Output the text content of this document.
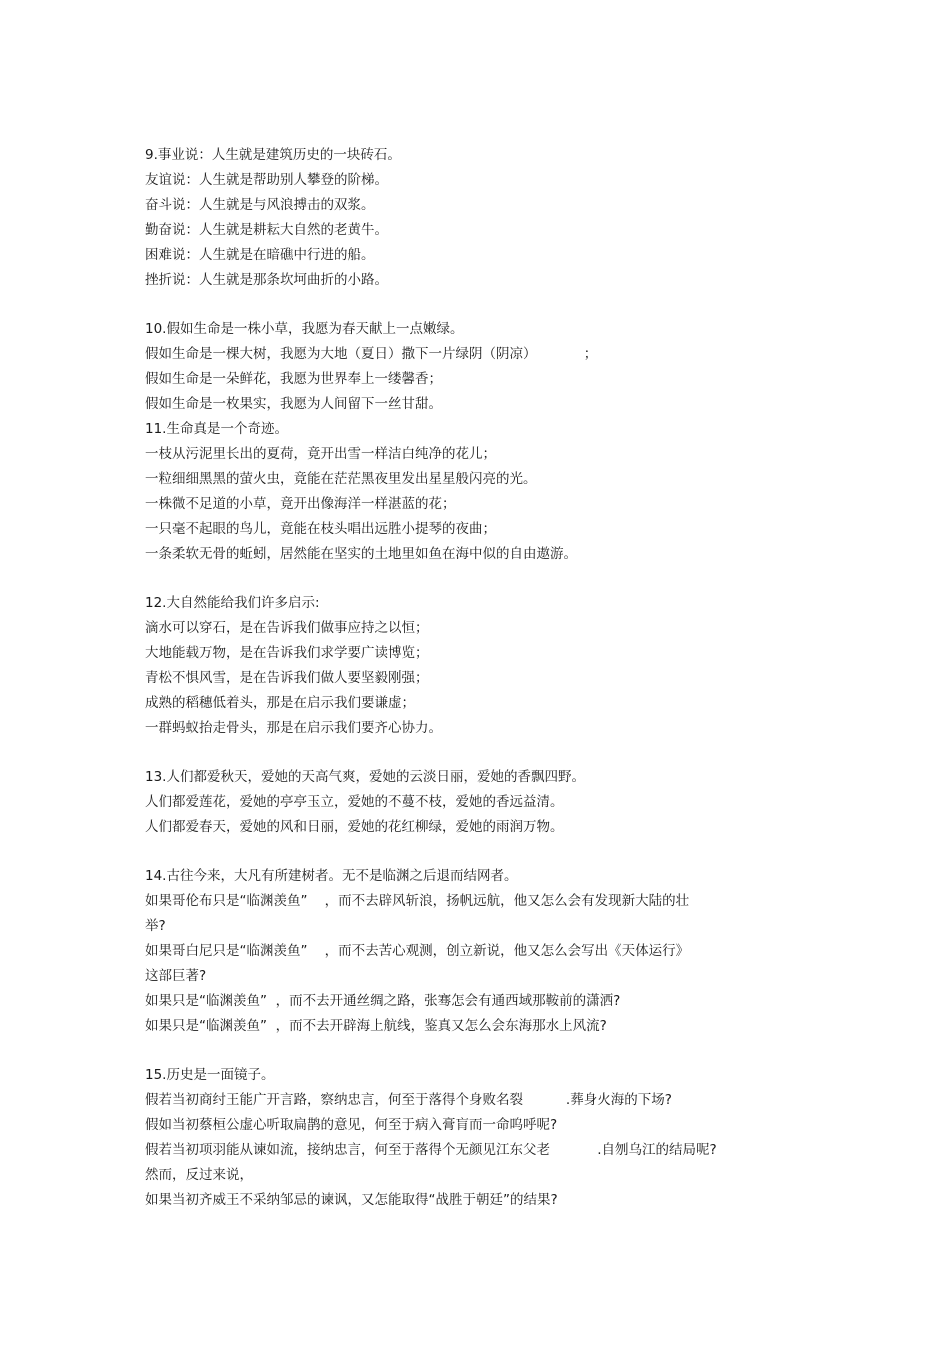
9.事业说：人生就是建筑历史的一块砖石。
友谊说：人生就是帮助别人攀登的阶梯。
奋斗说：人生就是与风浪搏击的双浆。
勤奋说：人生就是耕耘大自然的老黄牛。
困难说：人生就是在暗礁中行进的船。
挫折说：人生就是那条坎坷曲折的小路。
10.假如生命是一株小草，我愿为春天献上一点嫩绿。
假如生命是一棵大树，我愿为大地（夏日）撒下一片绿阴（阴凉）           ；
假如生命是一朵鲜花，我愿为世界奉上一缕馨香；
假如生命是一枚果实，我愿为人间留下一丝甘甜。
11.生命真是一个奇迹。
一枝从污泥里长出的夏荷，竟开出雪一样洁白纯净的花儿；
一粒细细黑黑的萤火虫，竟能在茫茫黑夜里发出星星般闪亮的光。
一株微不足道的小草，竟开出像海洋一样湛蓝的花；
一只毫不起眼的鸟儿，竟能在枝头唱出远胜小提琴的夜曲；
一条柔软无骨的蚯蚓，居然能在坚实的土地里如鱼在海中似的自由遨游。
12.大自然能给我们许多启示:
滴水可以穿石，是在告诉我们做事应持之以恒；
大地能载万物，是在告诉我们求学要广读博览；
青松不惧风雪，是在告诉我们做人要坚毅刚强；
成熟的稻穗低着头，那是在启示我们要谦虚；
一群蚂蚁抬走骨头，那是在启示我们要齐心协力。
13.人们都爱秋天，爱她的天高气爽，爱她的云淡日丽，爱她的香飘四野。
人们都爱莲花，爱她的亭亭玉立，爱她的不蔓不枝，爱她的香远益清。
人们都爱春天，爱她的风和日丽，爱她的花红柳绿，爱她的雨润万物。
14.古往今来，大凡有所建树者。无不是临渊之后退而结网者。
如果哥伦布只是“临渊羡鱼”    ，而不去辟风斩浪，扬帆远航，他又怎么会有发现新大陆的壮
举?
如果哥白尼只是“临渊羡鱼”    ，而不去苦心观测，创立新说，他又怎么会写出《天体运行》
这部巨著?
如果只是“临渊羡鱼”  ，而不去开通丝绸之路，张骞怎会有通西域那鞍前的潇洒?
如果只是“临渊羡鱼”  ，而不去开辟海上航线，鉴真又怎么会东海那水上风流?
15.历史是一面镜子。
假若当初商纣王能广开言路，察纳忠言，何至于落得个身败名裂          .葬身火海的下场?
假如当初蔡桓公虚心听取扁鹊的意见，何至于病入膏肓而一命呜呼呢?
假若当初项羽能从谏如流，接纳忠言，何至于落得个无颜见江东父老           .自刎乌江的结局呢?
然而，反过来说，
如果当初齐威王不采纳邹忌的谏讽，又怎能取得“战胜于朝廷”的结果?
